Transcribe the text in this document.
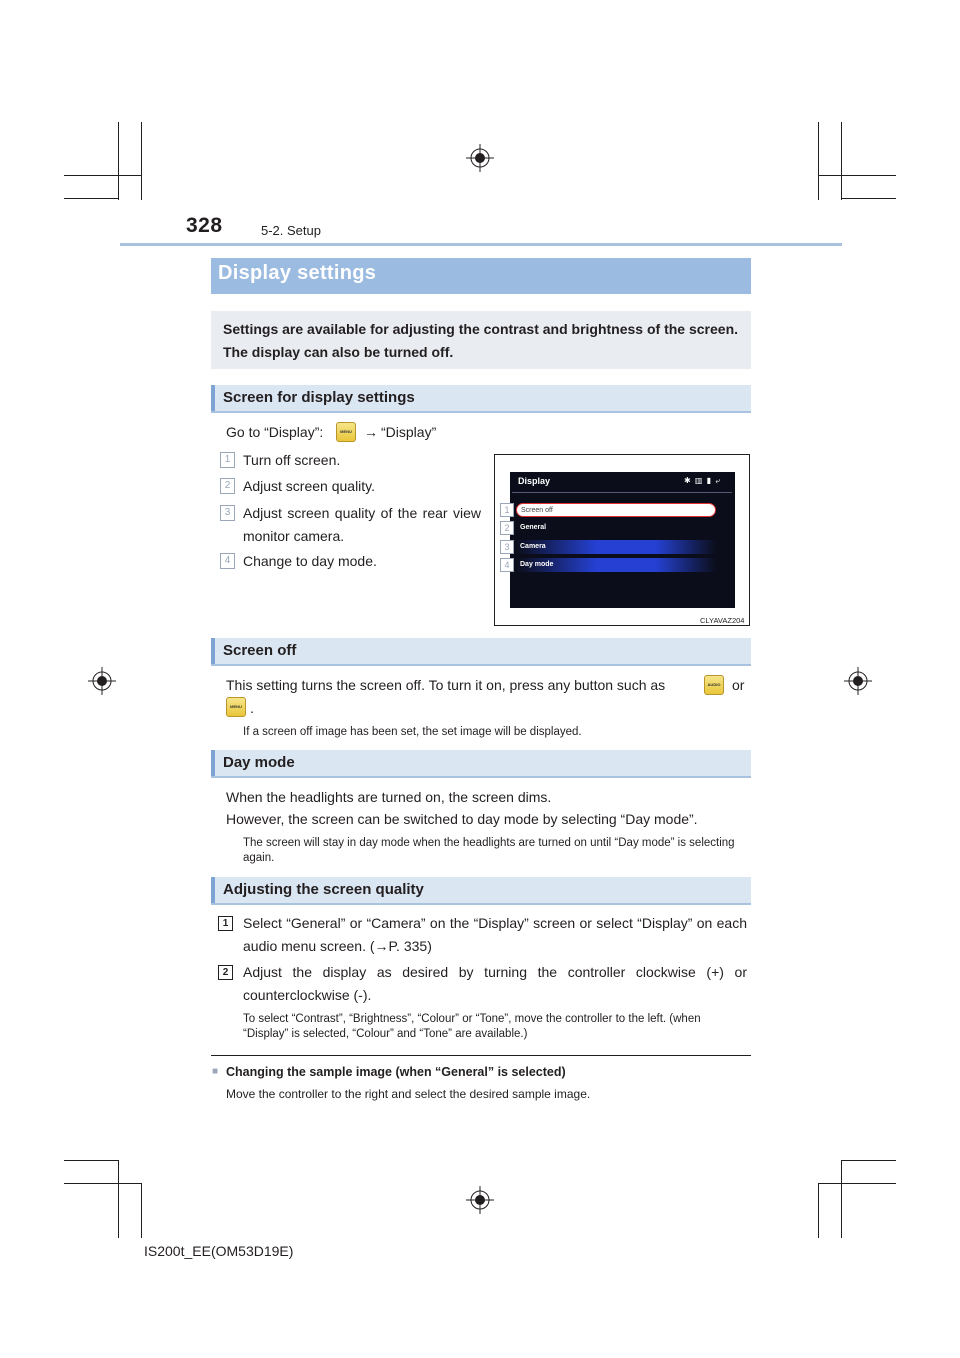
328	5-2. Setup
Display settings
Settings are available for adjusting the contrast and brightness of the screen. The display can also be turned off.
Screen for display settings
Go to “Display”:	MENU → “Display”
1 Turn off screen.
2 Adjust screen quality.
3 Adjust screen quality of the rear view monitor camera.
4 Change to day mode.
Display	✱ ▥ ▮ ⤶
Screen off
General
Camera
Day mode
1
2
3
4
CLYAVAZ204
Screen off
This setting turns the screen off. To turn it on, press any button such as	AUDIO or
MENU .
If a screen off image has been set, the set image will be displayed.
Day mode
When the headlights are turned on, the screen dims.
However, the screen can be switched to day mode by selecting “Day mode”.
The screen will stay in day mode when the headlights are turned on until “Day mode” is selecting again.
Adjusting the screen quality
1	Select “General” or “Camera” on the “Display” screen or select “Display” on each audio menu screen. (→P. 335)
2	Adjust the display as desired by turning the controller clockwise (+) or counterclockwise (-).
To select “Contrast”, “Brightness”, “Colour” or “Tone”, move the controller to the left. (when “Display” is selected, “Colour” and “Tone” are available.)
■ Changing the sample image (when “General” is selected)
Move the controller to the right and select the desired sample image.
IS200t_EE(OM53D19E)
